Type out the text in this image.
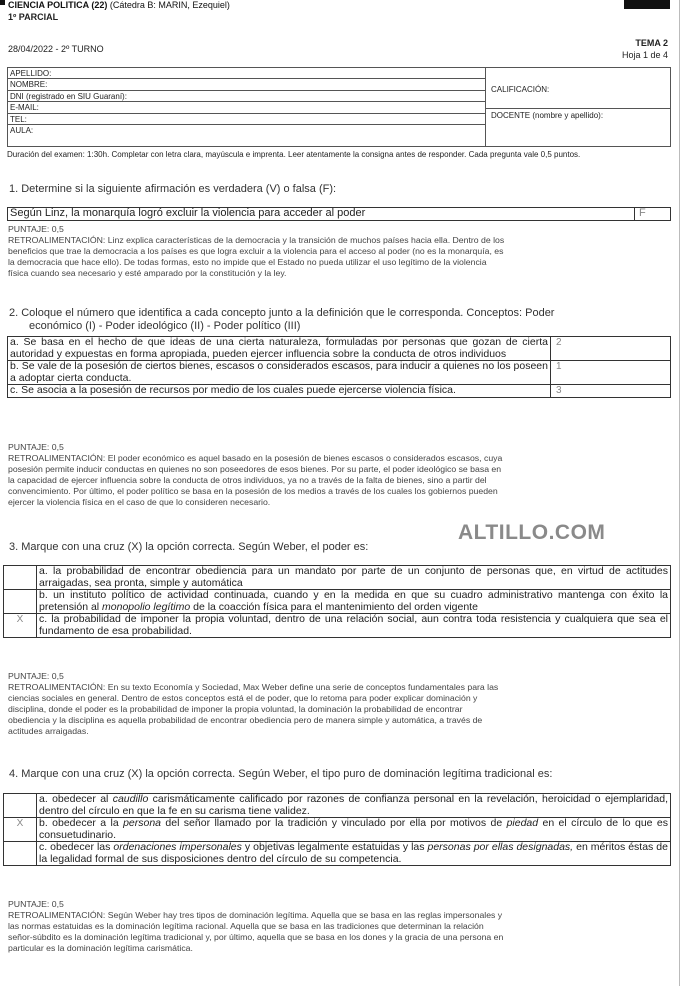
CIENCIA POLITICA (22) (Cátedra B: MARIN, Ezequiel)
1º PARCIAL
28/04/2022 - 2º TURNO
TEMA 2
Hoja 1 de 4
APELLIDO:
NOMBRE:
DNI (registrado en SIU Guaraní):
E-MAIL:
TEL:
AULA:
CALIFICACIÓN:
DOCENTE (nombre y apellido):
Duración del examen: 1:30h. Completar con letra clara, mayúscula e imprenta. Leer atentamente la consigna antes de responder. Cada pregunta vale 0,5 puntos.
1. Determine si la siguiente afirmación es verdadera (V) o falsa (F):
Según Linz, la monarquía logró excluir la violencia para acceder al poder	F
PUNTAJE: 0,5
RETROALIMENTACIÓN: Linz explica características de la democracia y la transición de muchos países hacia ella. Dentro de los
beneficios que trae la democracia a los países es que logra excluir a la violencia para el acceso al poder (no es la monarquía, es
la democracia que hace ello). De todas formas, esto no impide que el Estado no pueda utilizar el uso legítimo de la violencia
física cuando sea necesario y esté amparado por la constitución y la ley.
2. Coloque el número que identifica a cada concepto junto a la definición que le corresponda. Conceptos: Poder
económico (I) - Poder ideológico (II) - Poder político (III)
a. Se basa en el hecho de que ideas de una cierta naturaleza, formuladas por personas que gozan de cierta autoridad y expuestas en forma apropiada, pueden ejercer influencia sobre la conducta de otros individuos	2
b. Se vale de la posesión de ciertos bienes, escasos o considerados escasos, para inducir a quienes no los poseen a adoptar cierta conducta.	1
c. Se asocia a la posesión de recursos por medio de los cuales puede ejercerse violencia física.	3
PUNTAJE: 0,5
RETROALIMENTACIÓN: El poder económico es aquel basado en la posesión de bienes escasos o considerados escasos, cuya
posesión permite inducir conductas en quienes no son poseedores de esos bienes. Por su parte, el poder ideológico se basa en
la capacidad de ejercer influencia sobre la conducta de otros individuos, ya no a través de la falta de bienes, sino a partir del
convencimiento. Por último, el poder político se basa en la posesión de los medios a través de los cuales los gobiernos pueden
ejercer la violencia física en el caso de que lo consideren necesario.
ALTILLO.COM
3. Marque con una cruz (X) la opción correcta. Según Weber, el poder es:
	a. la probabilidad de encontrar obediencia para un mandato por parte de un conjunto de personas que, en virtud de actitudes arraigadas, sea pronta, simple y automática
	b. un instituto político de actividad continuada, cuando y en la medida en que su cuadro administrativo mantenga con éxito la pretensión al monopolio legítimo de la coacción física para el mantenimiento del orden vigente
X	c. la probabilidad de imponer la propia voluntad, dentro de una relación social, aun contra toda resistencia y cualquiera que sea el fundamento de esa probabilidad.
PUNTAJE: 0,5
RETROALIMENTACIÓN: En su texto Economía y Sociedad, Max Weber define una serie de conceptos fundamentales para las
ciencias sociales en general. Dentro de estos conceptos está el de poder, que lo retoma para poder explicar dominación y
disciplina, donde el poder es la probabilidad de imponer la propia voluntad, la dominación la probabilidad de encontrar
obediencia y la disciplina es aquella probabilidad de encontrar obediencia pero de manera simple y automática, a través de
actitudes arraigadas.
4. Marque con una cruz (X) la opción correcta. Según Weber, el tipo puro de dominación legítima tradicional es:
	a. obedecer al caudillo carismáticamente calificado por razones de confianza personal en la revelación, heroicidad o ejemplaridad, dentro del círculo en que la fe en su carisma tiene validez.
X	b. obedecer a la persona del señor llamado por la tradición y vinculado por ella por motivos de piedad en el círculo de lo que es consuetudinario.
	c. obedecer las ordenaciones impersonales y objetivas legalmente estatuidas y las personas por ellas designadas, en méritos éstas de la legalidad formal de sus disposiciones dentro del círculo de su competencia.
PUNTAJE: 0,5
RETROALIMENTACIÓN: Según Weber hay tres tipos de dominación legítima. Aquella que se basa en las reglas impersonales y
las normas estatuidas es la dominación legítima racional. Aquella que se basa en las tradiciones que determinan la relación
señor-súbdito es la dominación legítima tradicional y, por último, aquella que se basa en los dones y la gracia de una persona en
particular es la dominación legítima carismática.
